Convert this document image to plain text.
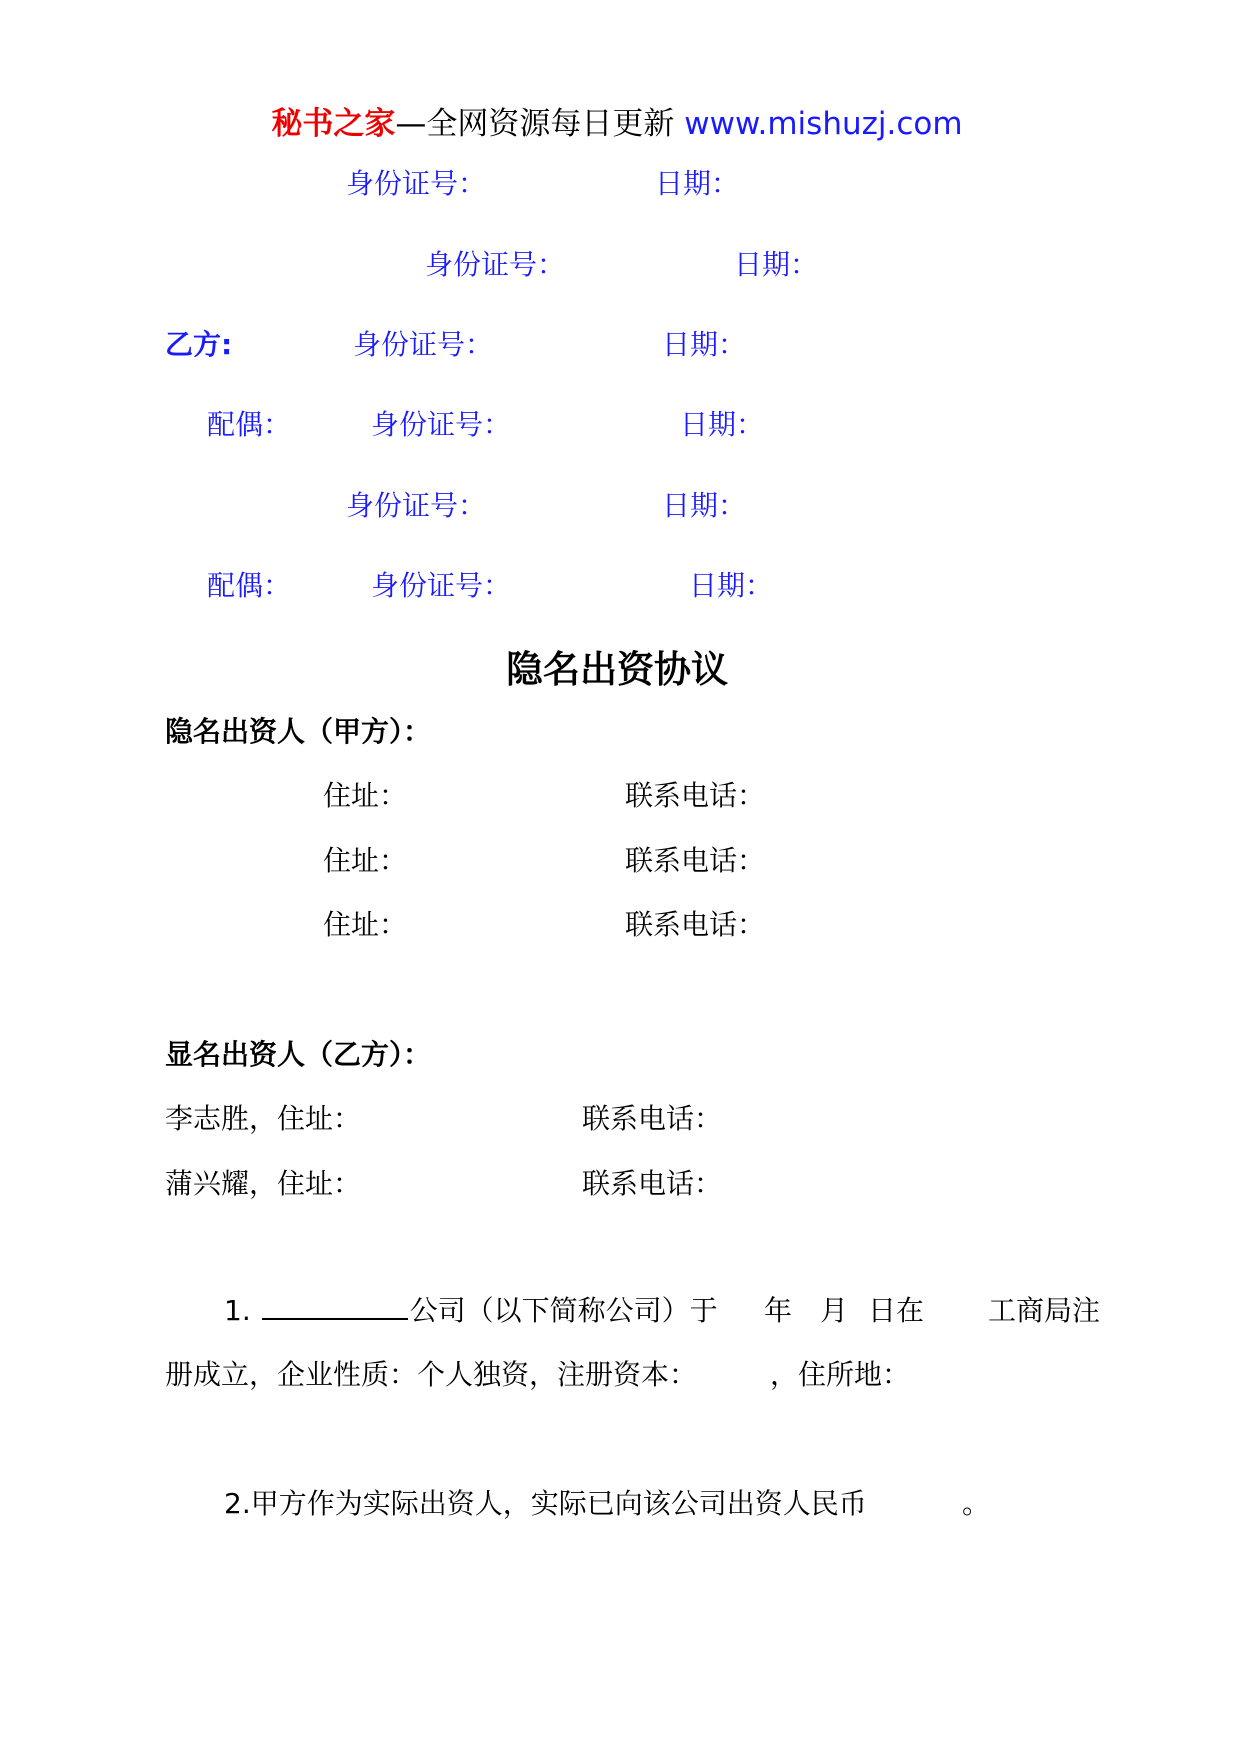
秘书之家—全网资源每日更新 www.mishuzj.com
身份证号：	日期：
身份证号：	日期：
乙方:	身份证号：	日期：
配偶：	身份证号：	日期：
身份证号：	日期：
配偶：	身份证号：	日期：
隐名出资协议
隐名出资人（甲方）：
住址：	联系电话：
住址：	联系电话：
住址：	联系电话：
显名出资人（乙方）：
李志胜，住址：	联系电话：
蒲兴耀，住址：	联系电话：
1.	公司（以下简称公司）于 年 月 日在 工商局注
册成立，企业性质：个人独资，注册资本：	，住所地：
2.甲方作为实际出资人，实际已向该公司出资人民币	。
